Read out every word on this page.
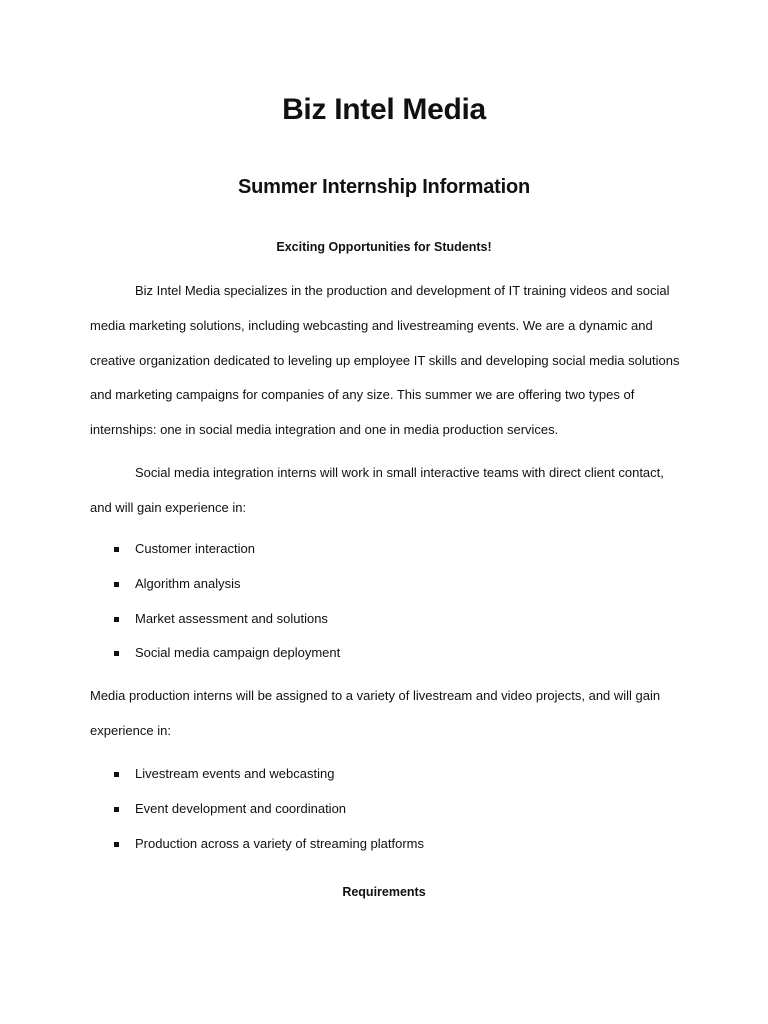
Biz Intel Media
Summer Internship Information
Exciting Opportunities for Students!

Biz Intel Media specializes in the production and development of IT training videos and social media marketing solutions, including webcasting and livestreaming events. We are a dynamic and creative organization dedicated to leveling up employee IT skills and developing social media solutions and marketing campaigns for companies of any size. This summer we are offering two types of internships: one in social media integration and one in media production services.

Social media integration interns will work in small interactive teams with direct client contact, and will gain experience in:

Customer interaction
Algorithm analysis
Market assessment and solutions
Social media campaign deployment

Media production interns will be assigned to a variety of livestream and video projects, and will gain experience in:

Livestream events and webcasting
Event development and coordination
Production across a variety of streaming platforms
Requirements
